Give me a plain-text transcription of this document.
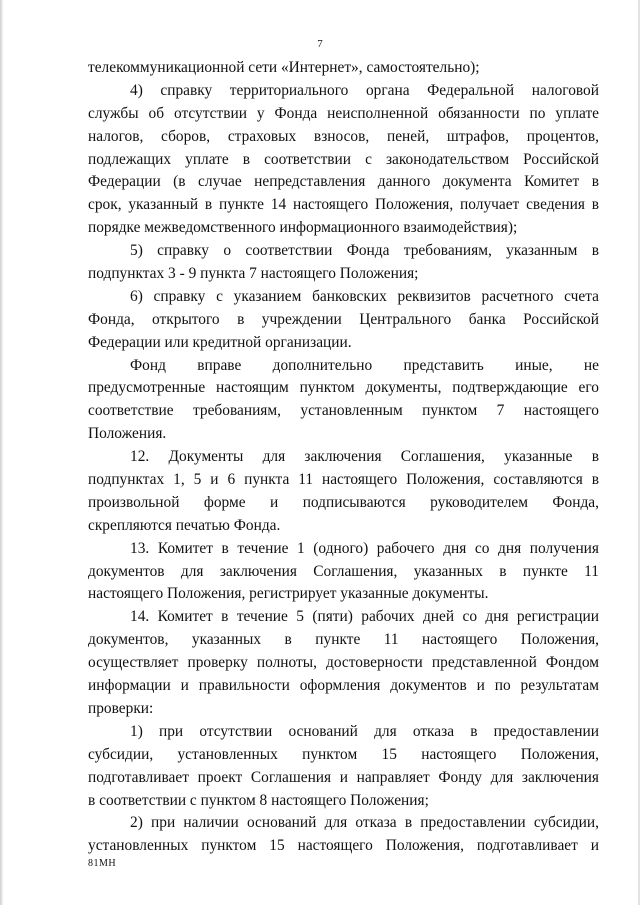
7
телекоммуникационной сети «Интернет», самостоятельно);
4) справку территориального органа Федеральной налоговой
службы об отсутствии у Фонда неисполненной обязанности по уплате
налогов, сборов, страховых взносов, пеней, штрафов, процентов,
подлежащих уплате в соответствии с законодательством Российской
Федерации (в случае непредставления данного документа Комитет в
срок, указанный в пункте 14 настоящего Положения, получает сведения в
порядке межведомственного информационного взаимодействия);
5) справку о соответствии Фонда требованиям, указанным в
подпунктах 3 - 9 пункта 7 настоящего Положения;
6) справку с указанием банковских реквизитов расчетного счета
Фонда, открытого в учреждении Центрального банка Российской
Федерации или кредитной организации.
Фонд вправе дополнительно представить иные, не
предусмотренные настоящим пунктом документы, подтверждающие его
соответствие требованиям, установленным пунктом 7 настоящего
Положения.
12. Документы для заключения Соглашения, указанные в
подпунктах 1, 5 и 6 пункта 11 настоящего Положения, составляются в
произвольной форме и подписываются руководителем Фонда,
скрепляются печатью Фонда.
13. Комитет в течение 1 (одного) рабочего дня со дня получения
документов для заключения Соглашения, указанных в пункте 11
настоящего Положения, регистрирует указанные документы.
14. Комитет в течение 5 (пяти) рабочих дней со дня регистрации
документов, указанных в пункте 11 настоящего Положения,
осуществляет проверку полноты, достоверности представленной Фондом
информации и правильности оформления документов и по результатам
проверки:
1) при отсутствии оснований для отказа в предоставлении
субсидии, установленных пунктом 15 настоящего Положения,
подготавливает проект Соглашения и направляет Фонду для заключения
в соответствии с пунктом 8 настоящего Положения;
2) при наличии оснований для отказа в предоставлении субсидии,
установленных пунктом 15 настоящего Положения, подготавливает и
81MH
